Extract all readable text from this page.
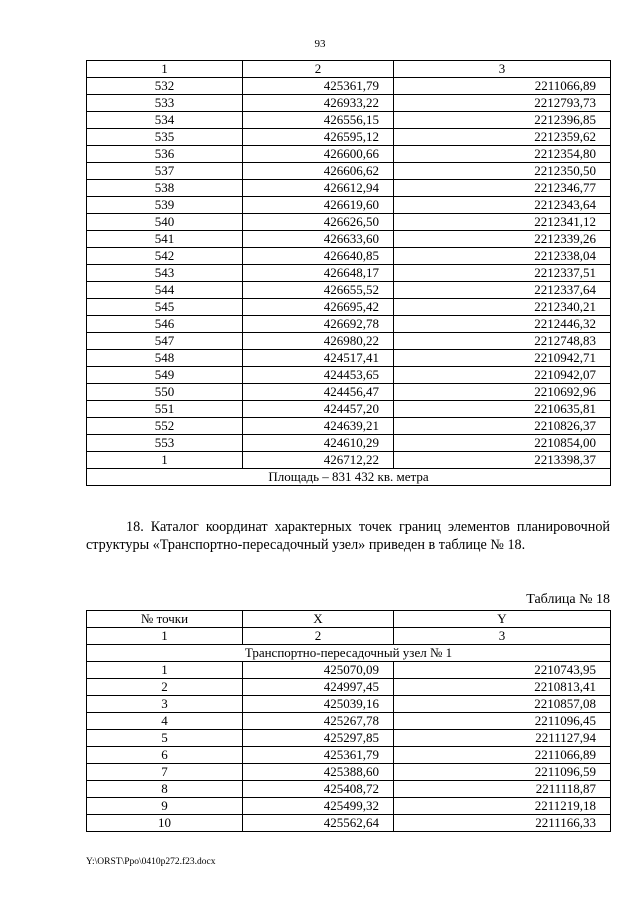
93
1	2	3
532	425361,79	2211066,89
533	426933,22	2212793,73
534	426556,15	2212396,85
535	426595,12	2212359,62
536	426600,66	2212354,80
537	426606,62	2212350,50
538	426612,94	2212346,77
539	426619,60	2212343,64
540	426626,50	2212341,12
541	426633,60	2212339,26
542	426640,85	2212338,04
543	426648,17	2212337,51
544	426655,52	2212337,64
545	426695,42	2212340,21
546	426692,78	2212446,32
547	426980,22	2212748,83
548	424517,41	2210942,71
549	424453,65	2210942,07
550	424456,47	2210692,96
551	424457,20	2210635,81
552	424639,21	2210826,37
553	424610,29	2210854,00
1	426712,22	2213398,37
Площадь – 831 432 кв. метра		
18. Каталог координат характерных точек границ элементов планировочной структуры «Транспортно-пересадочный узел» приведен в таблице № 18.
Таблица № 18
№ точки	X	Y
1	2	3
Транспортно-пересадочный узел № 1		
1	425070,09	2210743,95
2	424997,45	2210813,41
3	425039,16	2210857,08
4	425267,78	2211096,45
5	425297,85	2211127,94
6	425361,79	2211066,89
7	425388,60	2211096,59
8	425408,72	2211118,87
9	425499,32	2211219,18
10	425562,64	2211166,33
Y:\ORST\Ppo\0410p272.f23.docx
